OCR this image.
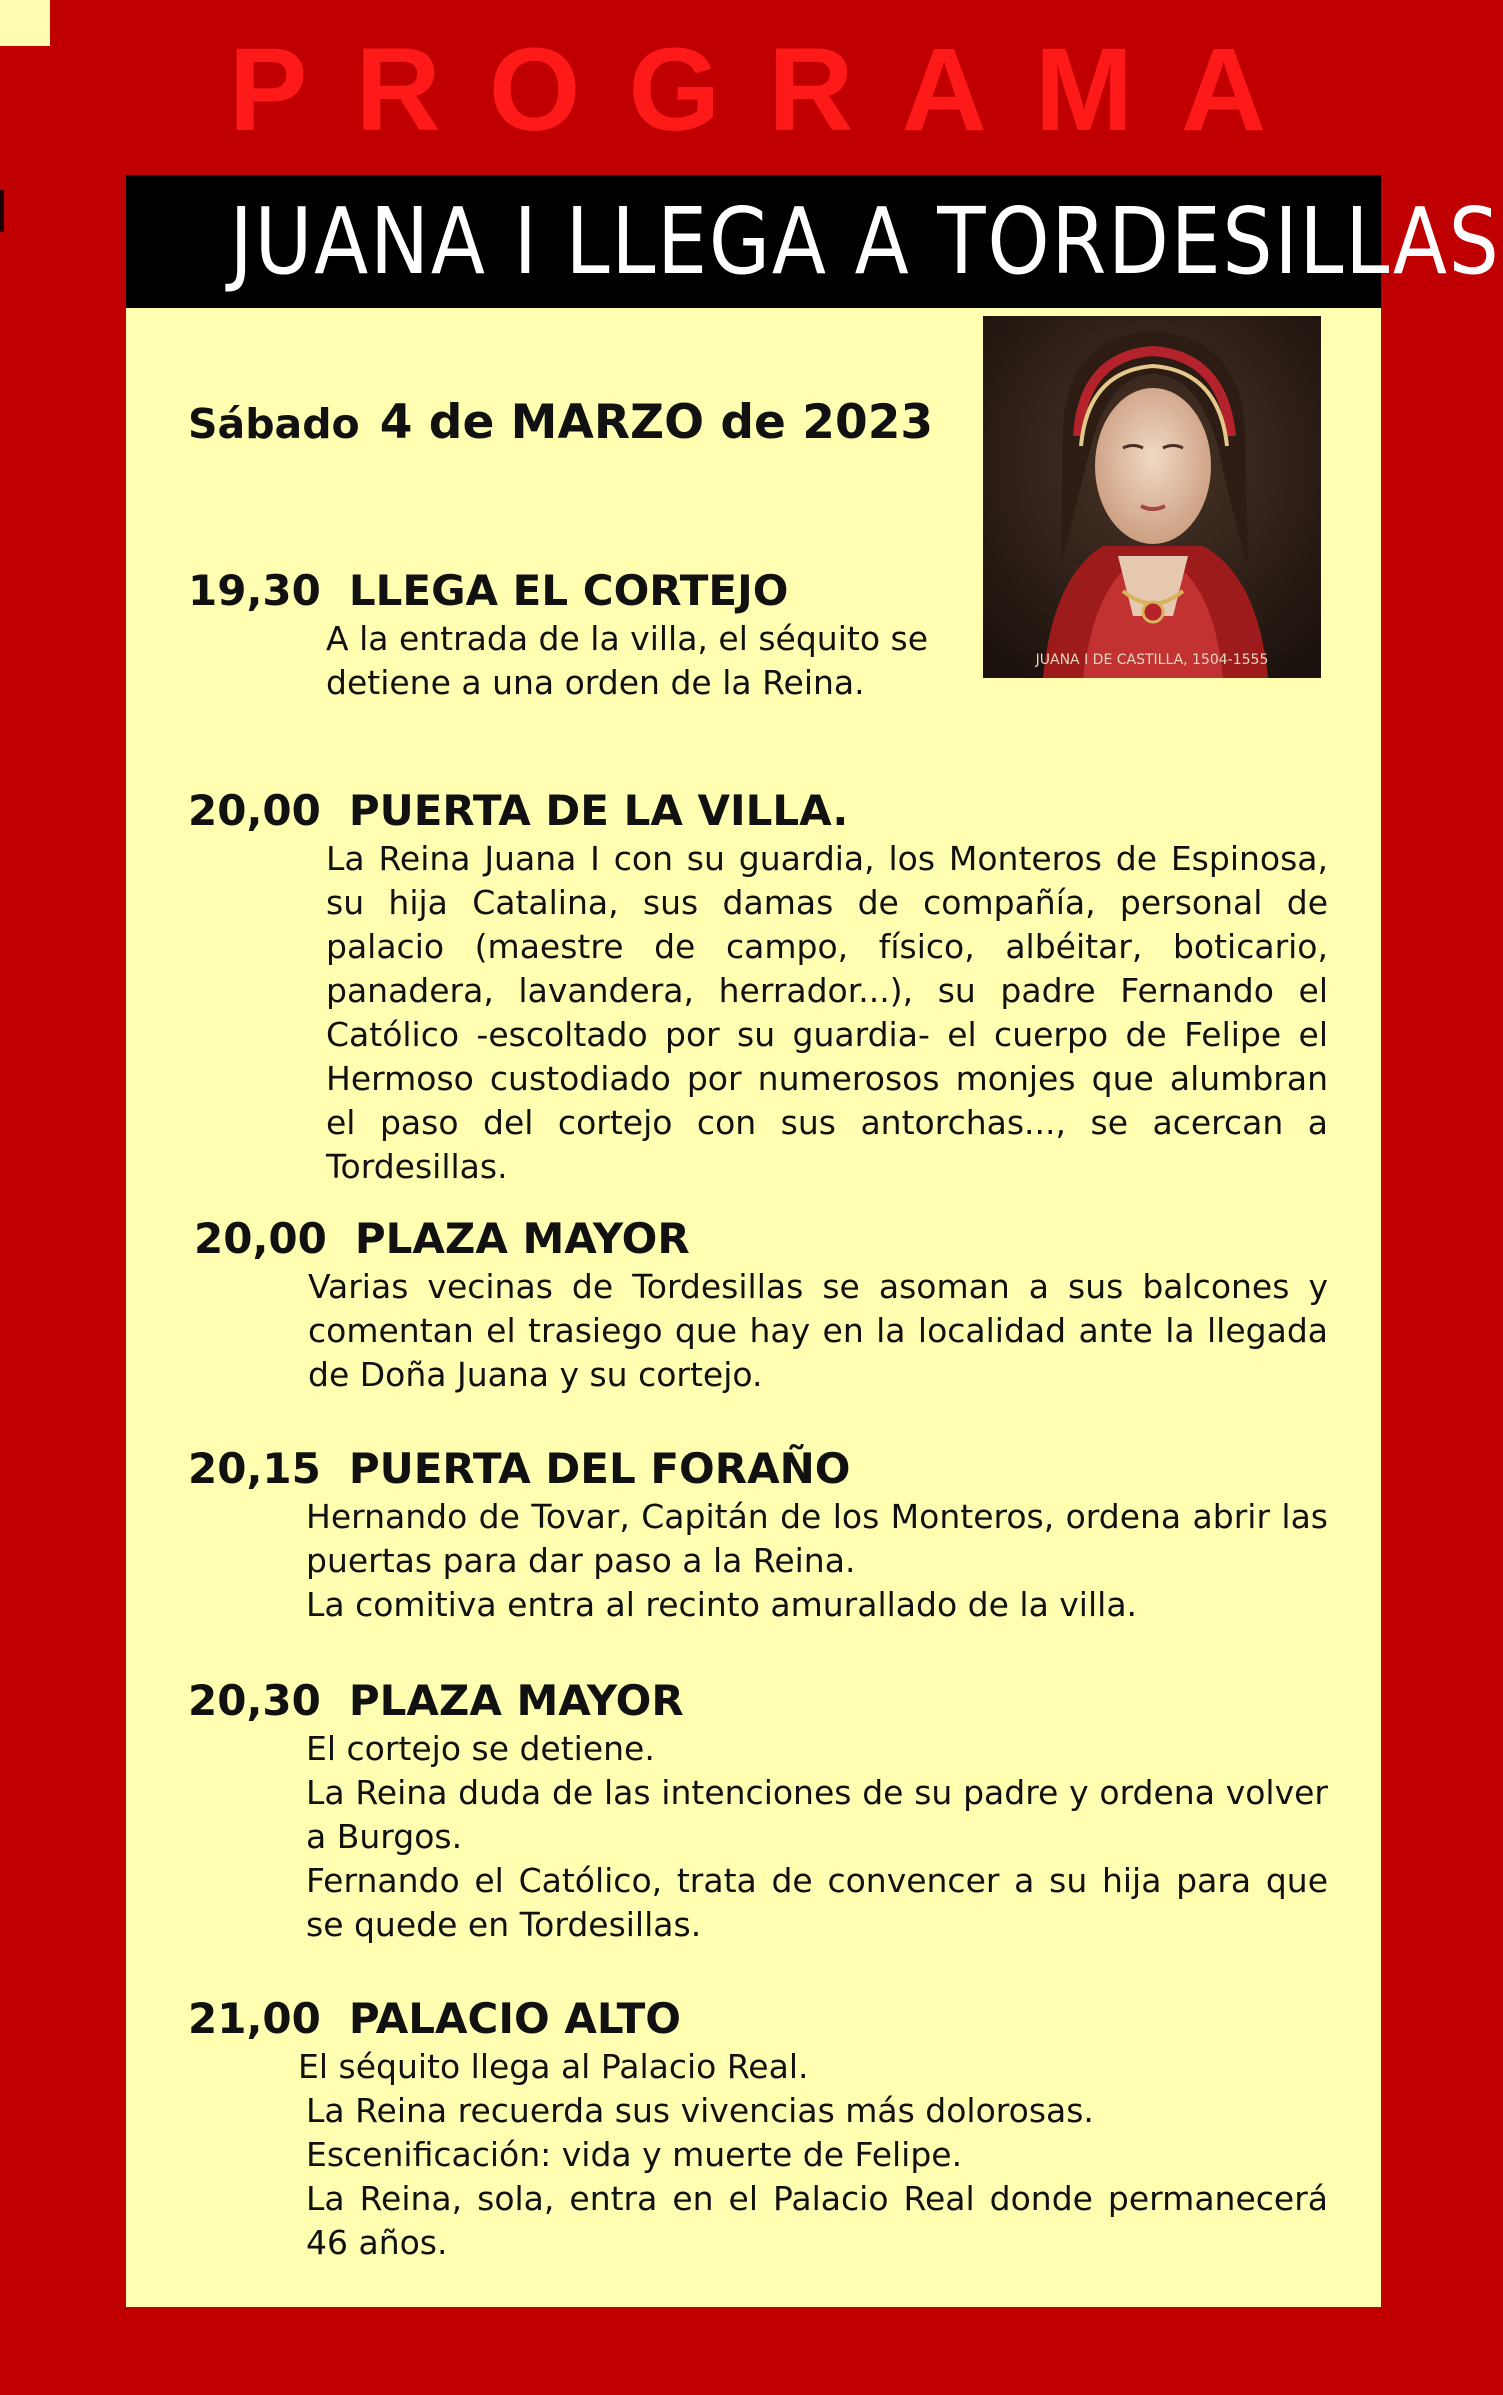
PROGRAMA
JUANA I LLEGA A TORDESILLAS
JUANA I DE CASTILLA, 1504-1555
Sábado 4 de MARZO de 2023
19,30 LLEGA EL CORTEJO

A la entrada de la villa, el séquito se detiene a una orden de la Reina.

20,00 PUERTA DE LA VILLA.

La Reina Juana I con su guardia, los Monteros de Espinosa, su hija Catalina, sus damas de compañía, personal de palacio (maestre de campo, físico, albéitar, boticario, panadera, lavandera, herrador...), su padre Fernando el Católico -escoltado por su guardia- el cuerpo de Felipe el Hermoso custodiado por numerosos monjes que alumbran el paso del cortejo con sus antorchas..., se acercan a Tordesillas.

20,00 PLAZA MAYOR

Varias vecinas de Tordesillas se asoman a sus balcones y comentan el trasiego que hay en la localidad ante la llegada de Doña Juana y su cortejo.

20,15 PUERTA DEL FORAÑO

Hernando de Tovar, Capitán de los Monteros, ordena abrir las puertas para dar paso a la Reina.

La comitiva entra al recinto amurallado de la villa.

20,30 PLAZA MAYOR

El cortejo se detiene.

La Reina duda de las intenciones de su padre y ordena volver a Burgos.

Fernando el Católico, trata de convencer a su hija para que se quede en Tordesillas.

21,00 PALACIO ALTO

El séquito llega al Palacio Real.

La Reina recuerda sus vivencias más dolorosas.

Escenificación: vida y muerte de Felipe.

La Reina, sola, entra en el Palacio Real donde permanecerá 46 años.
